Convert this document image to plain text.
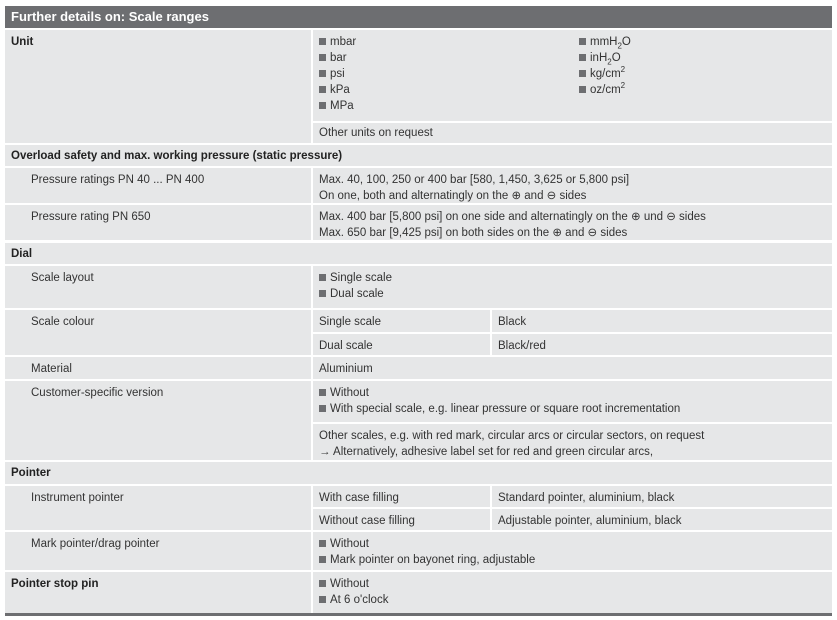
Further details on: Scale ranges
Unit	mbar
bar
psi
kPa
MPa
mmH$_2$O
inH$_2$O
$kg/cm^2$
$oz/cm^2$
Other units on request
Overload safety and max. working pressure (static pressure)
Pressure ratings PN 40 ... PN 400	Max. 40, 100, 250 or 400 bar [580, 1,450, 3,625 or 5,800 psi]
On one, both and alternatingly on the ⊕ and ⊖ sides
Pressure rating PN 650	Max. 400 bar [5,800 psi] on one side and alternatingly on the ⊕ und ⊖ sides
Max. 650 bar [9,425 psi] on both sides on the ⊕ and ⊖ sides
Dial
Scale layout	Single scale
Dual scale
Scale colour	Single scale	Black
Dual scale	Black/red
Material	Aluminium
Customer-specific version	Without
With special scale, e.g. linear pressure or square root incrementation
Other scales, e.g. with red mark, circular arcs or circular sectors, on request
→ Alternatively, adhesive label set for red and green circular arcs,
Pointer
Instrument pointer	With case filling	Standard pointer, aluminium, black
Without case filling	Adjustable pointer, aluminium, black
Mark pointer/drag pointer	Without
Mark pointer on bayonet ring, adjustable
Pointer stop pin	Without
At 6 o'clock
